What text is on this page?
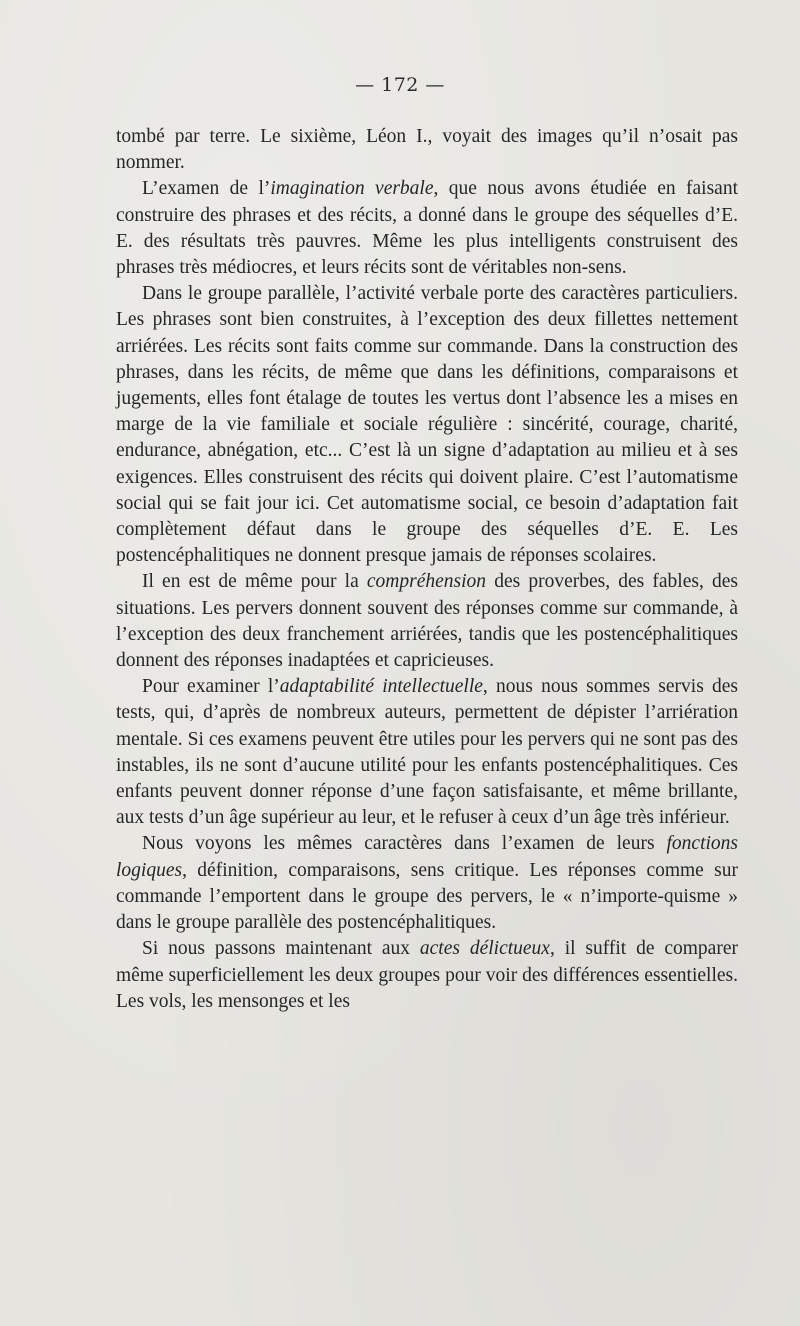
— 172 —

tombé par terre. Le sixième, Léon I., voyait des images qu’il n’osait pas nommer.

L’examen de l’imagination verbale, que nous avons étudiée en faisant construire des phrases et des récits, a donné dans le groupe des séquelles d’E. E. des résultats très pauvres. Même les plus intelligents construisent des phrases très médiocres, et leurs récits sont de véritables non-sens.

Dans le groupe parallèle, l’activité verbale porte des caractères particuliers. Les phrases sont bien construites, à l’exception des deux fillettes nettement arriérées. Les récits sont faits comme sur commande. Dans la construction des phrases, dans les récits, de même que dans les définitions, comparaisons et jugements, elles font étalage de toutes les vertus dont l’absence les a mises en marge de la vie familiale et sociale régulière : sincérité, courage, charité, endurance, abnégation, etc... C’est là un signe d’adaptation au milieu et à ses exigences. Elles construisent des récits qui doivent plaire. C’est l’automatisme social qui se fait jour ici. Cet automatisme social, ce besoin d’adaptation fait complètement défaut dans le groupe des séquelles d’E. E. Les postencéphalitiques ne donnent presque jamais de réponses scolaires.

Il en est de même pour la compréhension des proverbes, des fables, des situations. Les pervers donnent souvent des réponses comme sur commande, à l’exception des deux franchement arriérées, tandis que les postencéphalitiques donnent des réponses inadaptées et capricieuses.

Pour examiner l’adaptabilité intellectuelle, nous nous sommes servis des tests, qui, d’après de nombreux auteurs, permettent de dépister l’arriération mentale. Si ces examens peuvent être utiles pour les pervers qui ne sont pas des instables, ils ne sont d’aucune utilité pour les enfants postencéphalitiques. Ces enfants peuvent donner réponse d’une façon satisfaisante, et même brillante, aux tests d’un âge supérieur au leur, et le refuser à ceux d’un âge très inférieur.

Nous voyons les mêmes caractères dans l’examen de leurs fonctions logiques, définition, comparaisons, sens critique. Les réponses comme sur commande l’emportent dans le groupe des pervers, le « n’importe-quisme » dans le groupe parallèle des postencéphalitiques.

Si nous passons maintenant aux actes délictueux, il suffit de comparer même superficiellement les deux groupes pour voir des différences essentielles. Les vols, les mensonges et les
